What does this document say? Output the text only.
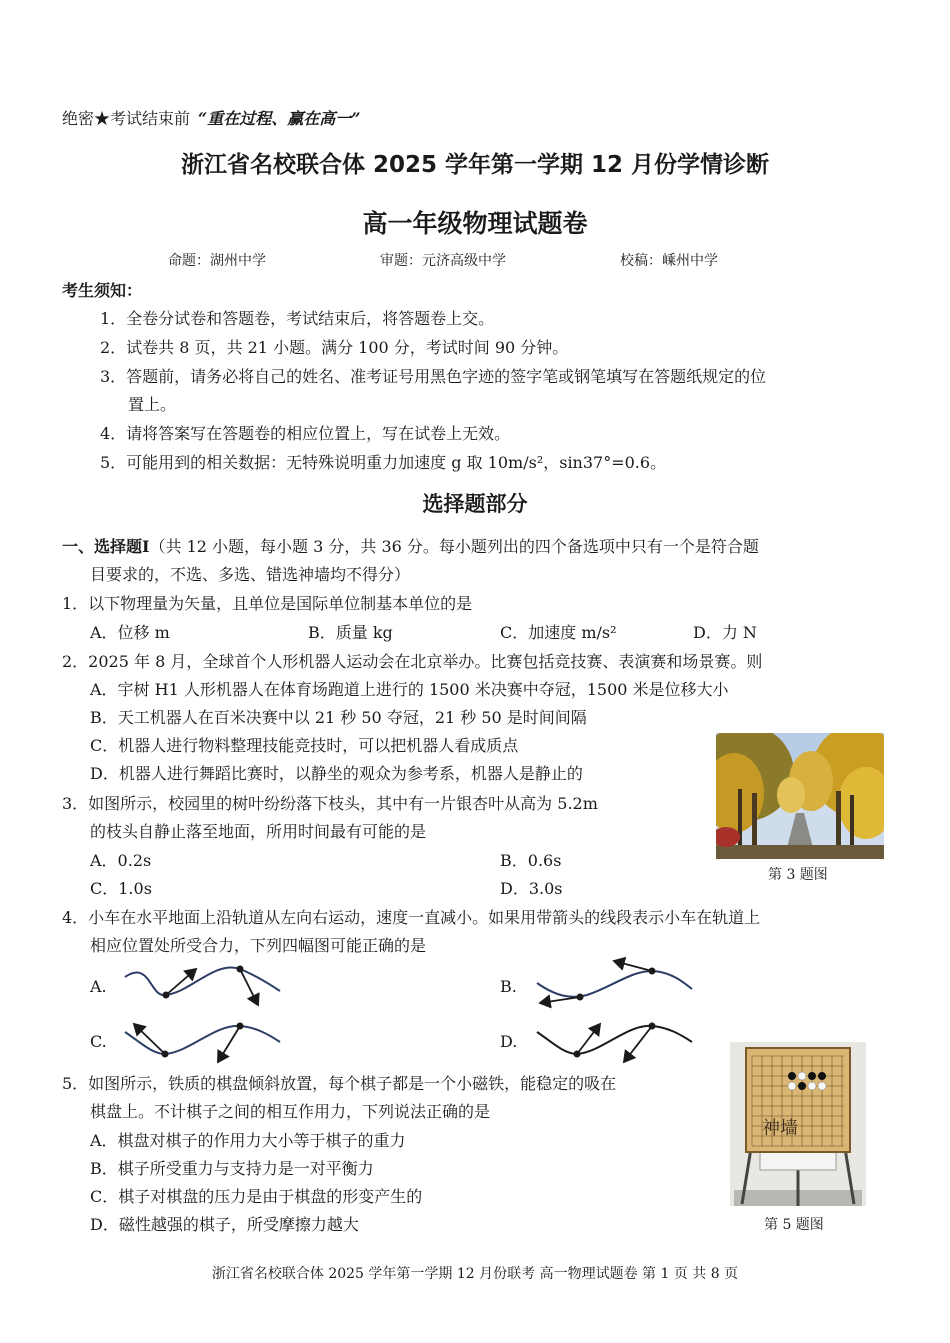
绝密★考试结束前 “重在过程、赢在高一”
浙江省名校联合体 2025 学年第一学期 12 月份学情诊断
高一年级物理试题卷
命题：湖州中学	审题：元济高级中学	校稿：嵊州中学
考生须知：
1．全卷分试卷和答题卷，考试结束后，将答题卷上交。
2．试卷共 8 页，共 21 小题。满分 100 分，考试时间 90 分钟。
3．答题前，请务必将自己的姓名、准考证号用黑色字迹的签字笔或钢笔填写在答题纸规定的位
置上。
4．请将答案写在答题卷的相应位置上，写在试卷上无效。
5．可能用到的相关数据：无特殊说明重力加速度 g 取 10m/s²，sin37°=0.6。
选择题部分
一、选择题Ⅰ（共 12 小题，每小题 3 分，共 36 分。每小题列出的四个备选项中只有一个是符合题
目要求的，不选、多选、错选神墙均不得分）
1．以下物理量为矢量，且单位是国际单位制基本单位的是
A．位移 m	B．质量 kg	C．加速度 m/s²	D．力 N
2．2025 年 8 月，全球首个人形机器人运动会在北京举办。比赛包括竞技赛、表演赛和场景赛。则
A．宇树 H1 人形机器人在体育场跑道上进行的 1500 米决赛中夺冠，1500 米是位移大小
B．天工机器人在百米决赛中以 21 秒 50 夺冠，21 秒 50 是时间间隔
C．机器人进行物料整理技能竞技时，可以把机器人看成质点
D．机器人进行舞蹈比赛时，以静坐的观众为参考系，机器人是静止的
第 3 题图
3．如图所示，校园里的树叶纷纷落下枝头，其中有一片银杏叶从高为 5.2m
的枝头自静止落至地面，所用时间最有可能的是
A．0.2s	B．0.6s
C．1.0s	D．3.0s
4．小车在水平地面上沿轨道从左向右运动，速度一直减小。如果用带箭头的线段表示小车在轨道上
相应位置处所受合力，下列四幅图可能正确的是
A.	B.
C.	D.
神墙
第 5 题图
5．如图所示，铁质的棋盘倾斜放置，每个棋子都是一个小磁铁，能稳定的吸在
棋盘上。不计棋子之间的相互作用力，下列说法正确的是
A．棋盘对棋子的作用力大小等于棋子的重力
B．棋子所受重力与支持力是一对平衡力
C．棋子对棋盘的压力是由于棋盘的形变产生的
D．磁性越强的棋子，所受摩擦力越大
浙江省名校联合体 2025 学年第一学期 12 月份联考 高一物理试题卷 第 1 页 共 8 页
